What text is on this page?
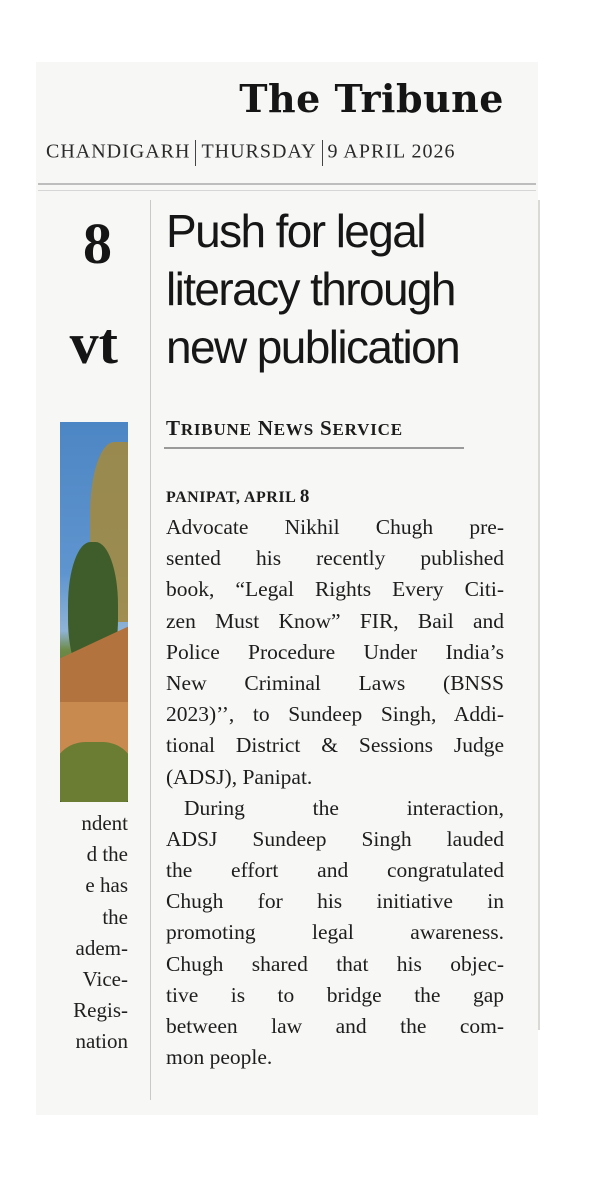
The Tribune
CHANDIGARH THURSDAY 9 APRIL 2026
8
vt
ndent
d the
e has
the
adem-
Vice-
Regis-
nation
Push for legal
literacy through
new publication
TRIBUNE NEWS SERVICE
PANIPAT, APRIL 8
Advocate Nikhil Chugh pre-
sented his recently published
book, “Legal Rights Every Citi-
zen Must Know” FIR, Bail and
Police Procedure Under India’s
New Criminal Laws (BNSS
2023)’’, to Sundeep Singh, Addi-
tional District & Sessions Judge
(ADSJ), Panipat.
During the interaction,
ADSJ Sundeep Singh lauded
the effort and congratulated
Chugh for his initiative in
promoting legal awareness.
Chugh shared that his objec-
tive is to bridge the gap
between law and the com-
mon people.
